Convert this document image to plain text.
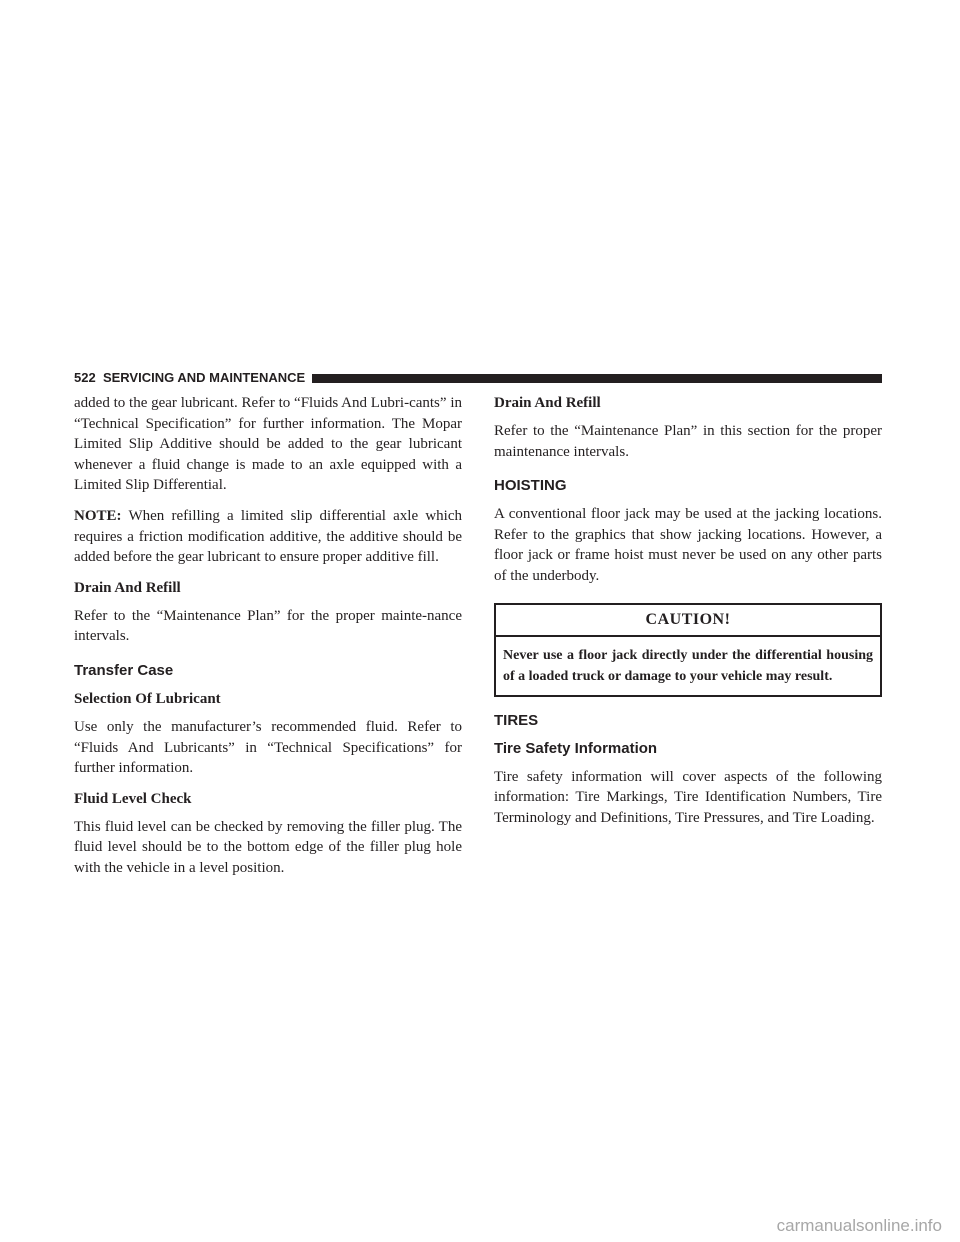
522 SERVICING AND MAINTENANCE

added to the gear lubricant. Refer to “Fluids And Lubri-cants” in “Technical Specification” for further information. The Mopar Limited Slip Additive should be added to the gear lubricant whenever a fluid change is made to an axle equipped with a Limited Slip Differential.

NOTE: When refilling a limited slip differential axle which requires a friction modification additive, the additive should be added before the gear lubricant to ensure proper additive fill.

Drain And Refill

Refer to the “Maintenance Plan” for the proper mainte-nance intervals.

Transfer Case
Selection Of Lubricant

Use only the manufacturer’s recommended fluid. Refer to “Fluids And Lubricants” in “Technical Specifications” for further information.

Fluid Level Check

This fluid level can be checked by removing the filler plug. The fluid level should be to the bottom edge of the filler plug hole with the vehicle in a level position.

Drain And Refill

Refer to the “Maintenance Plan” in this section for the proper maintenance intervals.

HOISTING

A conventional floor jack may be used at the jacking locations. Refer to the graphics that show jacking locations. However, a floor jack or frame hoist must never be used on any other parts of the underbody.

CAUTION!
Never use a floor jack directly under the differential housing of a loaded truck or damage to your vehicle may result.
TIRES
Tire Safety Information

Tire safety information will cover aspects of the following information: Tire Markings, Tire Identification Numbers, Tire Terminology and Definitions, Tire Pressures, and Tire Loading.

carmanualsonline.info
